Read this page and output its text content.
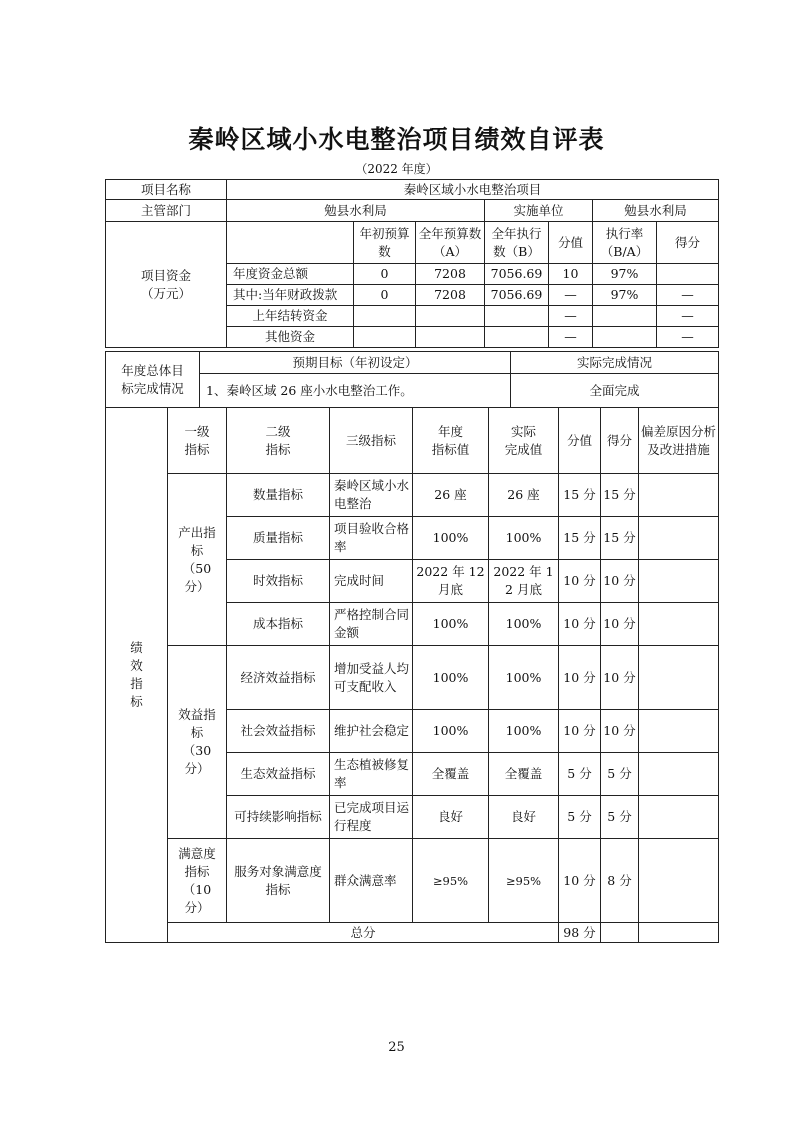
秦岭区域小水电整治项目绩效自评表
（2022 年度）
项目名称	秦岭区域小水电整治项目						
主管部门	勉县水利局			实施单位		勉县水利局	
项目资金
（万元）		年初预算数	全年预算数（A）	全年执行数（B）	分值	执行率（B/A）	得分
	年度资金总额	0	7208	7056.69	10	97%	
	其中:当年财政拨款	0	7208	7056.69	—	97%	—
	上年结转资金				—		—
	其他资金				—		—
年度总体目
标完成情况	预期目标（年初设定）	实际完成情况
	1、秦岭区域 26 座小水电整治工作。	全面完成
绩
效
指
标	一级
指标	二级
指标	三级指标	年度
指标值	实际
完成值	分值	得分	偏差原因分析及改进措施
	产出指
标
（50
分）	数量指标	秦岭区域小水电整治	26 座	26 座	15 分	15 分	
		质量指标	项目验收合格率	100%	100%	15 分	15 分	
		时效指标	完成时间	2022 年 12 月底	2022 年 12 月底	10 分	10 分	
		成本指标	严格控制合同金额	100%	100%	10 分	10 分	
	效益指
标
（30
分）	经济效益指标	增加受益人均可支配收入	100%	100%	10 分	10 分	
		社会效益指标	维护社会稳定	100%	100%	10 分	10 分	
		生态效益指标	生态植被修复率	全覆盖	全覆盖	5 分	5 分	
		可持续影响指标	已完成项目运行程度	良好	良好	5 分	5 分	
	满意度
指标
（10
分）	服务对象满意度指标	群众满意率	≥95%	≥95%	10 分	8 分	
	总分					98 分		
25
